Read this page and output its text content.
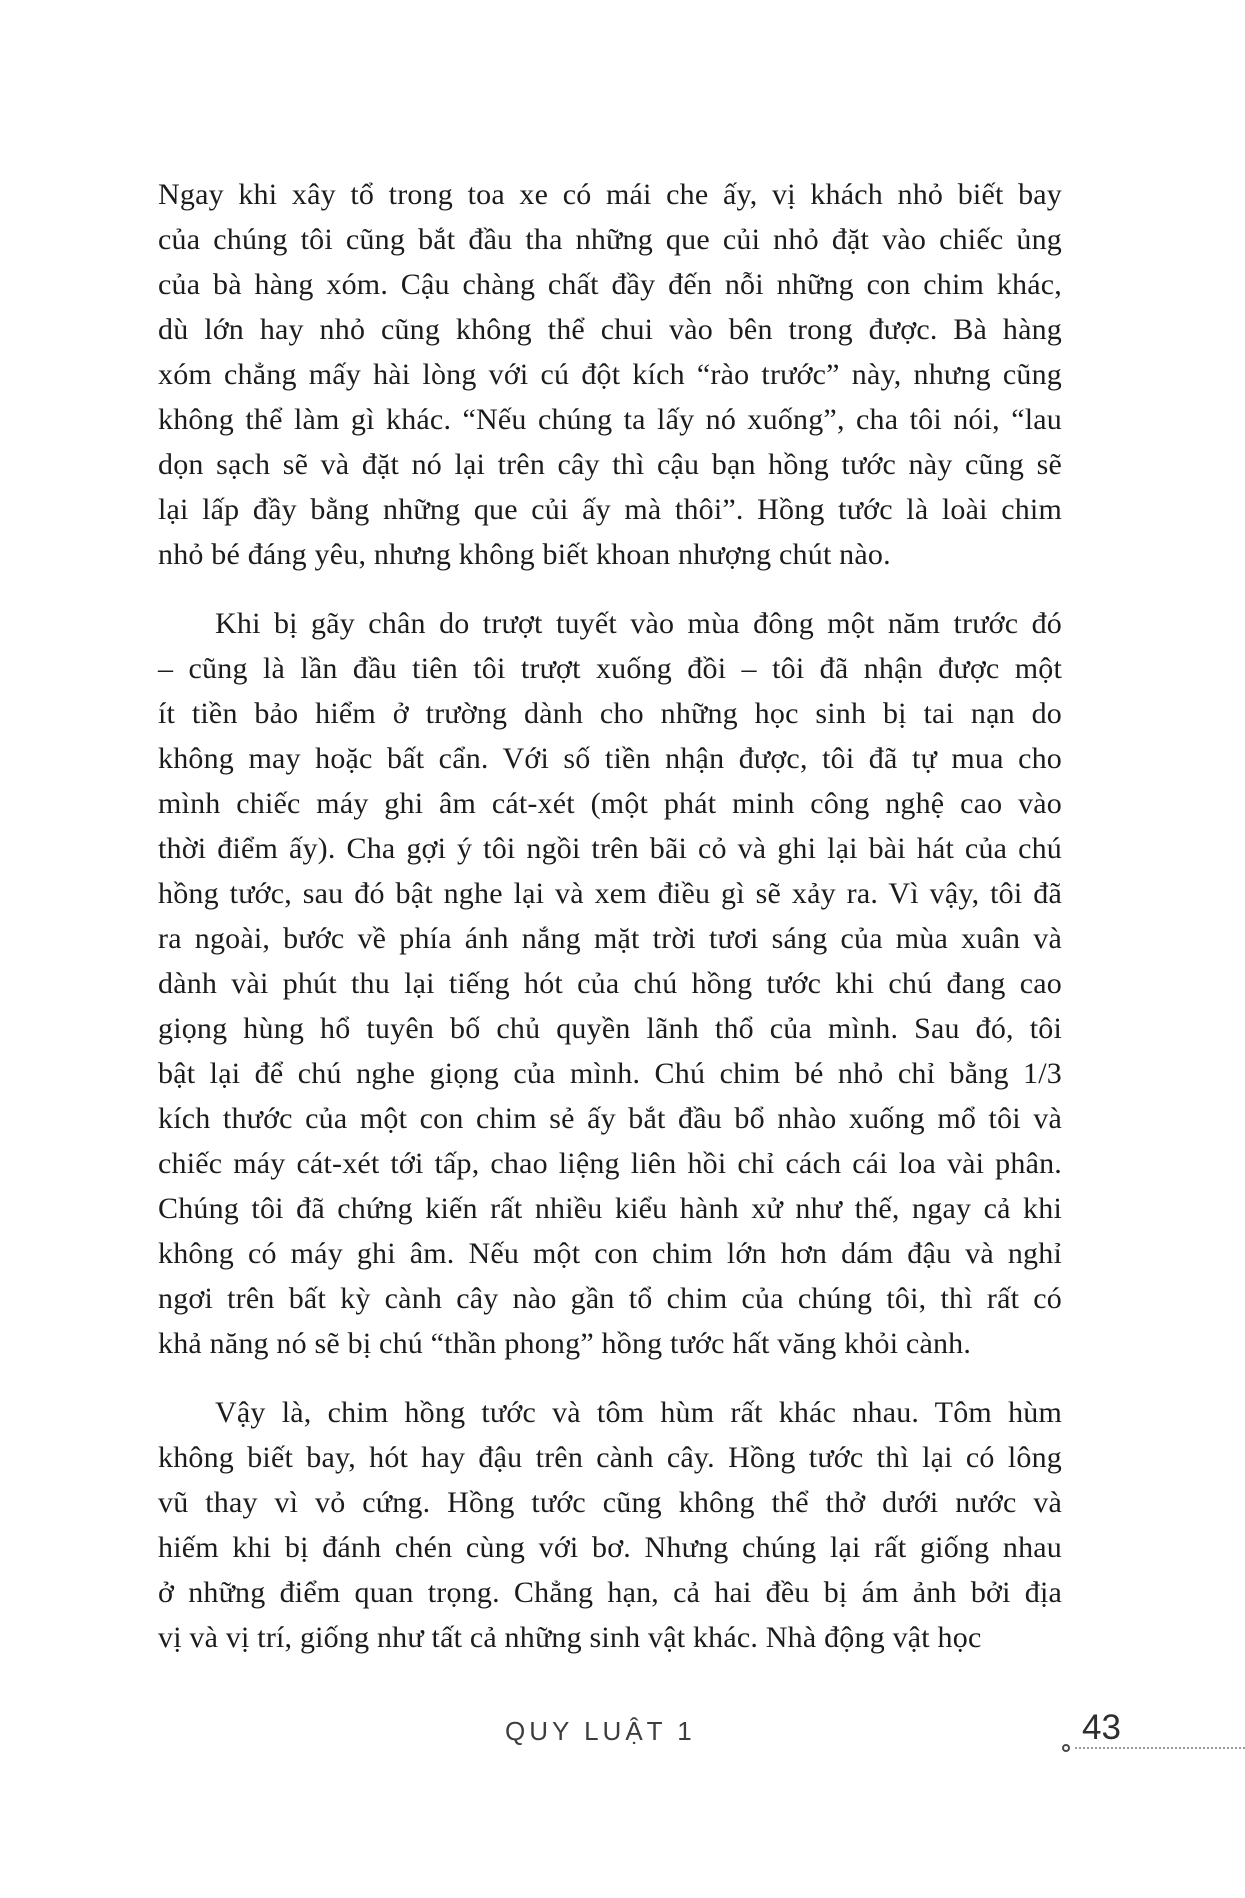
Ngay khi xây tổ trong toa xe có mái che ấy, vị khách nhỏ biết bay
của chúng tôi cũng bắt đầu tha những que củi nhỏ đặt vào chiếc ủng
của bà hàng xóm. Cậu chàng chất đầy đến nỗi những con chim khác,
dù lớn hay nhỏ cũng không thể chui vào bên trong được. Bà hàng
xóm chẳng mấy hài lòng với cú đột kích “rào trước” này, nhưng cũng
không thể làm gì khác. “Nếu chúng ta lấy nó xuống”, cha tôi nói, “lau
dọn sạch sẽ và đặt nó lại trên cây thì cậu bạn hồng tước này cũng sẽ
lại lấp đầy bằng những que củi ấy mà thôi”. Hồng tước là loài chim
nhỏ bé đáng yêu, nhưng không biết khoan nhượng chút nào.

Khi bị gãy chân do trượt tuyết vào mùa đông một năm trước đó
– cũng là lần đầu tiên tôi trượt xuống đồi – tôi đã nhận được một
ít tiền bảo hiểm ở trường dành cho những học sinh bị tai nạn do
không may hoặc bất cẩn. Với số tiền nhận được, tôi đã tự mua cho
mình chiếc máy ghi âm cát-xét (một phát minh công nghệ cao vào
thời điểm ấy). Cha gợi ý tôi ngồi trên bãi cỏ và ghi lại bài hát của chú
hồng tước, sau đó bật nghe lại và xem điều gì sẽ xảy ra. Vì vậy, tôi đã
ra ngoài, bước về phía ánh nắng mặt trời tươi sáng của mùa xuân và
dành vài phút thu lại tiếng hót của chú hồng tước khi chú đang cao
giọng hùng hổ tuyên bố chủ quyền lãnh thổ của mình. Sau đó, tôi
bật lại để chú nghe giọng của mình. Chú chim bé nhỏ chỉ bằng 1/3
kích thước của một con chim sẻ ấy bắt đầu bổ nhào xuống mổ tôi và
chiếc máy cát-xét tới tấp, chao liệng liên hồi chỉ cách cái loa vài phân.
Chúng tôi đã chứng kiến rất nhiều kiểu hành xử như thế, ngay cả khi
không có máy ghi âm. Nếu một con chim lớn hơn dám đậu và nghỉ
ngơi trên bất kỳ cành cây nào gần tổ chim của chúng tôi, thì rất có
khả năng nó sẽ bị chú “thần phong” hồng tước hất văng khỏi cành.

Vậy là, chim hồng tước và tôm hùm rất khác nhau. Tôm hùm
không biết bay, hót hay đậu trên cành cây. Hồng tước thì lại có lông
vũ thay vì vỏ cứng. Hồng tước cũng không thể thở dưới nước và
hiếm khi bị đánh chén cùng với bơ. Nhưng chúng lại rất giống nhau
ở những điểm quan trọng. Chẳng hạn, cả hai đều bị ám ảnh bởi địa
vị và vị trí, giống như tất cả những sinh vật khác. Nhà động vật học

QUY LUẬT 1	43
